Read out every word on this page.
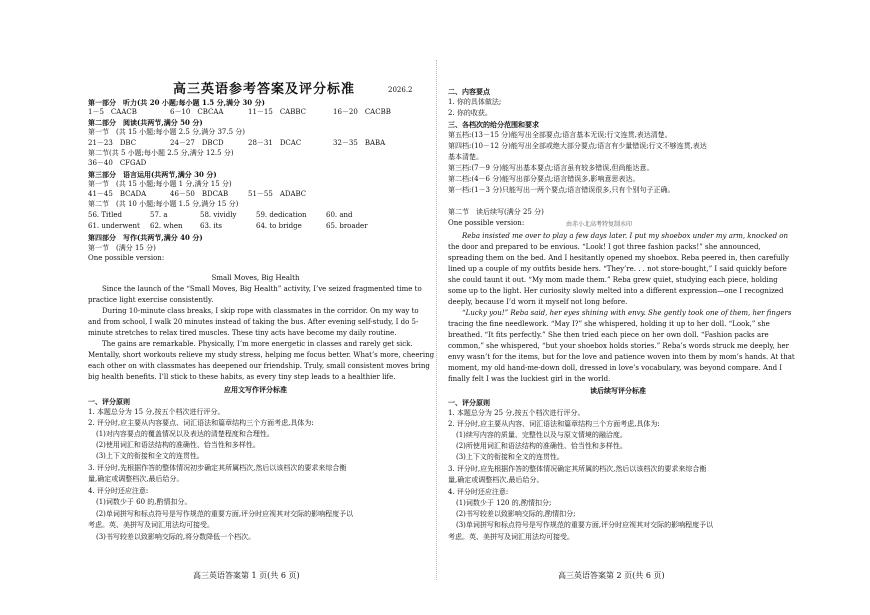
高三英语参考答案及评分标准	2026.2
第一部分　听力(共 20 小题;每小题 1.5 分,满分 30 分)
1－5　CAACB	6－10　CBCAA	11－15　CABBC	16－20　CACBB
第二部分　阅读(共两节,满分 50 分)
第一节　(共 15 小题;每小题 2.5 分,满分 37.5 分)
21－23　DBC	24－27　DBCD	28－31　DCAC	32－35　BABA
第二节(共 5 小题;每小题 2.5 分,满分 12.5 分)
36－40　CFGAD
第三部分　语言运用(共两节,满分 30 分)
第一节　(共 15 小题;每小题 1 分,满分 15 分)
41－45　BCADA	46－50　BDCAB	51－55　ADABC
第二节　(共 10 小题;每小题 1.5 分,满分 15 分)
56. Titled	57. a	58. vividly	59. dedication	60. and
61. underwent 62. when 63. its	64. to bridge	65. broader
第四部分　写作(共两节,满分 40 分)
第一节　(满分 15 分)
One possible version:
Small Moves, Big Health
Since the launch of the “Small Moves, Big Health” activity, I’ve seized fragmented time to
practice light exercise consistently.
During 10-minute class breaks, I skip rope with classmates in the corridor. On my way to
and from school, I walk 20 minutes instead of taking the bus. After evening self-study, I do 5-
minute stretches to relax tired muscles. These tiny acts have become my daily routine.
The gains are remarkable. Physically, I’m more energetic in classes and rarely get sick.
Mentally, short workouts relieve my study stress, helping me focus better. What’s more, cheering
each other on with classmates has deepened our friendship. Truly, small consistent moves bring
big health benefits. I’ll stick to these habits, as every tiny step leads to a healthier life.
应用文写作评分标准
一、评分原则
1. 本题总分为 15 分,按五个档次进行评分。
2. 评分时,应主要从内容要点、词汇语法和篇章结构三个方面考虑,具体为:
(1)对内容要点的覆盖情况以及表达的清楚程度和合理性。
(2)使用词汇和语法结构的准确性、恰当性和多样性。
(3)上下文的衔接和全文的连贯性。
3. 评分时,先根据作答的整体情况初步确定其所属档次,然后以该档次的要求来综合衡
量,确定或调整档次,最后给分。
4. 评分时还应注意:
(1)词数少于 60 的,酌情扣分。
(2)单词拼写和标点符号是写作规范的重要方面,评分时应视其对交际的影响程度予以
考虑。英、美拼写及词汇用法均可接受。
(3)书写较差以致影响交际的,将分数降低一个档次。
高三英语答案第 1 页(共 6 页)
二、内容要点
1. 你的具体做法;
2. 你的收获。
三、各档次的给分范围和要求
第五档:(13－15 分)能写出全部要点;语言基本无误;行文连贯,表达清楚。
第四档:(10－12 分)能写出全部或绝大部分要点;语言有少量错误;行文不够连贯,表达
基本清楚。
第三档:(7－9 分)能写出基本要点;语言虽有较多错误,但尚能达意。
第二档:(4－6 分)能写出部分要点;语言错误多,影响意思表达。
第一档:(1－3 分)只能写出一两个要点;语言错误很多,只有个别句子正确。
第二节　读后续写(满分 25 分)
One possible version:	由赤小北高考特复制水印
Reba insisted me over to play a few days later. I put my shoebox under my arm, knocked on
the door and prepared to be envious. “Look! I got three fashion packs!” she announced,
spreading them on the bed. And I hesitantly opened my shoebox. Reba peered in, then carefully
lined up a couple of my outfits beside hers. “They’re. . . not store-bought,” I said quickly before
she could taunt it out. “My mom made them.” Reba grew quiet, studying each piece, holding
some up to the light. Her curiosity slowly melted into a different expression—one I recognized
deeply, because I’d worn it myself not long before.
“Lucky you!” Reba said, her eyes shining with envy. She gently took one of them, her fingers
tracing the fine needlework. “May I?” she whispered, holding it up to her doll. “Look,” she
breathed. “It fits perfectly.” She then tried each piece on her own doll. “Fashion packs are
common,” she whispered, “but your shoebox holds stories.” Reba’s words struck me deeply, her
envy wasn’t for the items, but for the love and patience woven into them by mom’s hands. At that
moment, my old hand-me-down doll, dressed in love’s vocabulary, was beyond compare. And I
finally felt I was the luckiest girl in the world.
读后续写评分标准
一、评分原则
1. 本题总分为 25 分,按五个档次进行评分。
2. 评分时,应主要从内容、词汇语法和篇章结构三个方面考虑,具体为:
(1)续写内容的质量、完整性以及与原文情境的融洽度。
(2)所使用词汇和语法结构的准确性、恰当性和多样性。
(3)上下文的衔接和全文的连贯性。
3. 评分时,应先根据作答的整体情况确定其所属的档次,然后以该档次的要求来综合衡
量,确定或调整档次,最后给分。
4. 评分时还应注意:
(1)词数少于 120 的,酌情扣分;
(2)书写较差以致影响交际的,酌情扣分;
(3)单词拼写和标点符号是写作规范的重要方面,评分时应视其对交际的影响程度予以
考虑。英、美拼写及词汇用法均可接受。
高三英语答案第 2 页(共 6 页)
